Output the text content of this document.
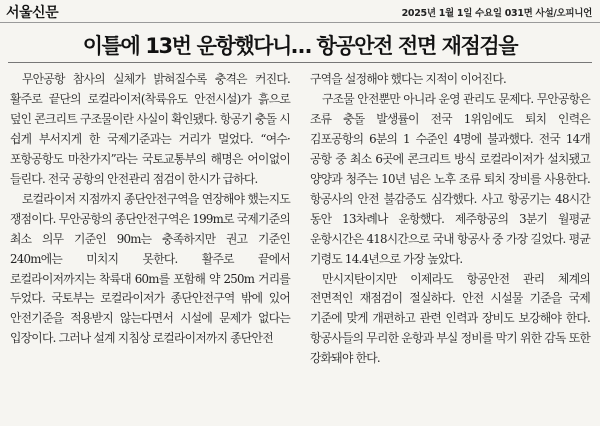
서울신문	2025년 1월 1일 수요일 031면 사설/오피니언
이틀에 13번 운항했다니… 항공안전 전면 재점검을

무안공항 참사의 실체가 밝혀질수록 충격은 커진다. 활주로 끝단의 로컬라이저(착륙유도 안전시설)가 흙으로 덮인 콘크리트 구조물이란 사실이 확인됐다. 항공기 충돌 시 쉽게 부서지게 한 국제기준과는 거리가 멀었다. “여수·포항공항도 마찬가지”라는 국토교통부의 해명은 어이없이 들린다. 전국 공항의 안전관리 점검이 한시가 급하다.

로컬라이저 지점까지 종단안전구역을 연장해야 했는지도 쟁점이다. 무안공항의 종단안전구역은 199m로 국제기준의 최소 의무 기준인 90m는 충족하지만 권고 기준인 240m에는 미치지 못한다. 활주로 끝에서 로컬라이저까지는 착륙대 60m를 포함해 약 250m 거리를 두었다. 국토부는 로컬라이저가 종단안전구역 밖에 있어 안전기준을 적용받지 않는다면서 시설에 문제가 없다는 입장이다. 그러나 설계 지침상 로컬라이저까지 종단안전

구역을 설정해야 했다는 지적이 이어진다.

구조물 안전뿐만 아니라 운영 관리도 문제다. 무안공항은 조류 충돌 발생률이 전국 1위임에도 퇴치 인력은 김포공항의 6분의 1 수준인 4명에 불과했다. 전국 14개 공항 중 최소 6곳에 콘크리트 방식 로컬라이저가 설치됐고 양양과 청주는 10년 넘은 노후 조류 퇴치 장비를 사용한다. 항공사의 안전 불감증도 심각했다. 사고 항공기는 48시간 동안 13차례나 운항했다. 제주항공의 3분기 월평균 운항시간은 418시간으로 국내 항공사 중 가장 길었다. 평균 기령도 14.4년으로 가장 높았다.

만시지탄이지만 이제라도 항공안전 관리 체계의 전면적인 재점검이 절실하다. 안전 시설물 기준을 국제 기준에 맞게 개편하고 관련 인력과 장비도 보강해야 한다. 항공사들의 무리한 운항과 부실 정비를 막기 위한 감독 또한 강화돼야 한다.
